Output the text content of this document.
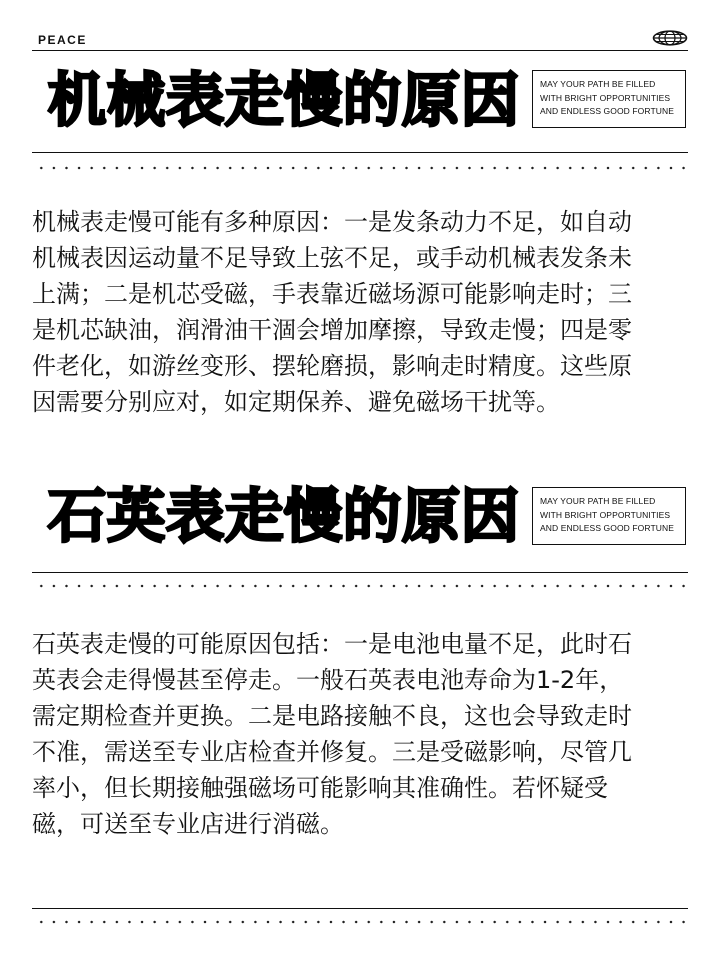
PEACE
机械表走慢的原因 MAY YOUR PATH BE FILLED
WITH BRIGHT OPPORTUNITIES
AND ENDLESS GOOD FORTUNE
机械表走慢可能有多种原因：一是发条动力不足，如自动
机械表因运动量不足导致上弦不足，或手动机械表发条未
上满；二是机芯受磁，手表靠近磁场源可能影响走时；三
是机芯缺油，润滑油干涸会增加摩擦，导致走慢；四是零
件老化，如游丝变形、摆轮磨损，影响走时精度。这些原
因需要分别应对，如定期保养、避免磁场干扰等。
石英表走慢的原因 MAY YOUR PATH BE FILLED
WITH BRIGHT OPPORTUNITIES
AND ENDLESS GOOD FORTUNE
石英表走慢的可能原因包括：一是电池电量不足，此时石
英表会走得慢甚至停走。一般石英表电池寿命为1-2年，
需定期检查并更换。二是电路接触不良，这也会导致走时
不准，需送至专业店检查并修复。三是受磁影响，尽管几
率小，但长期接触强磁场可能影响其准确性。若怀疑受
磁，可送至专业店进行消磁。
